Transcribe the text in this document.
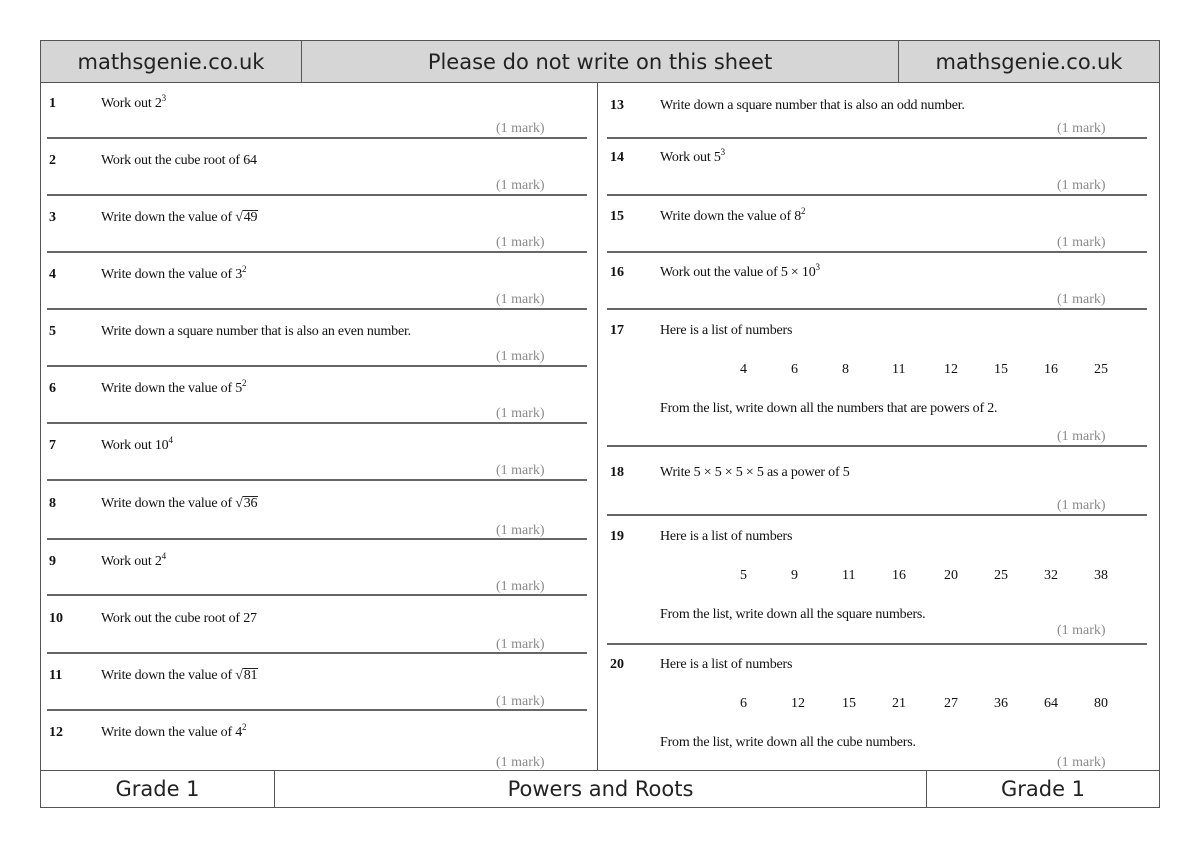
mathsgenie.co.uk	Please do not write on this sheet	mathsgenie.co.uk
1	Work out $2^3$
(1 mark)
2	Work out the cube root of 64
(1 mark)
3	Write down the value of √49
(1 mark)
4	Write down the value of $3^2$
(1 mark)
5	Write down a square number that is also an even number.
(1 mark)
6	Write down the value of $5^2$
(1 mark)
7	Work out $10^4$
(1 mark)
8	Write down the value of √36
(1 mark)
9	Work out $2^4$
(1 mark)
10	Work out the cube root of 27
(1 mark)
11	Write down the value of √81
(1 mark)
12	Write down the value of $4^2$
(1 mark)
13	Write down a square number that is also an odd number.
(1 mark)
14	Work out $5^3$
(1 mark)
15	Write down the value of $8^2$
(1 mark)
16	Work out the value of $5 \times 10^3$
(1 mark)
17	Here is a list of numbers
4	6	8	11	12	15	16	25
From the list, write down all the numbers that are powers of 2.
(1 mark)
18	Write 5 × 5 × 5 × 5 as a power of 5
(1 mark)
19	Here is a list of numbers
5	9	11	16	20	25	32	38
From the list, write down all the square numbers.
(1 mark)
20	Here is a list of numbers
6	12	15	21	27	36	64	80
From the list, write down all the cube numbers.
(1 mark)
Grade 1	Powers and Roots	Grade 1
